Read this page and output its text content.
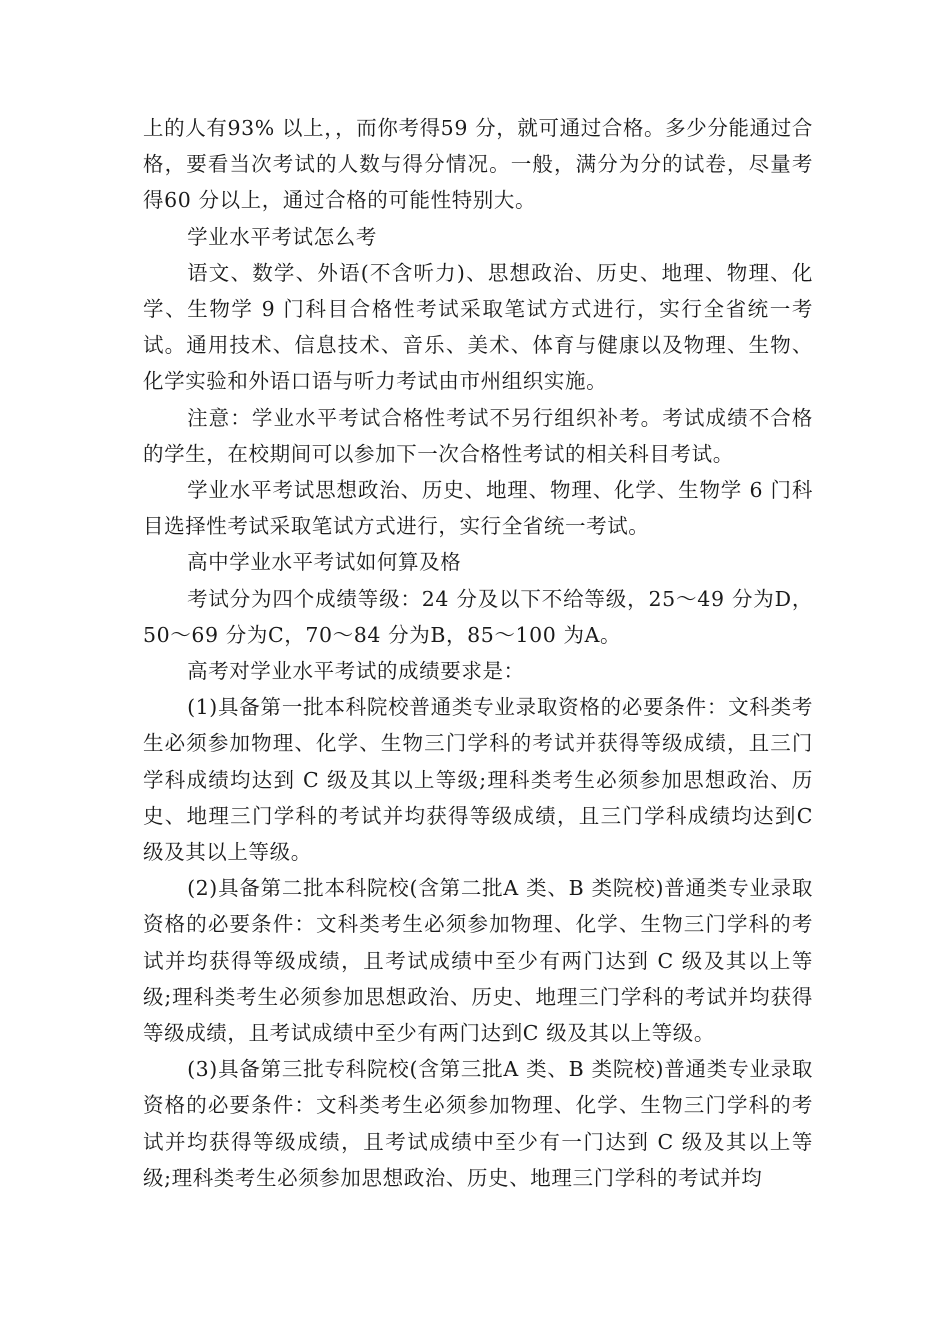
上的人有93% 以上，，而你考得59 分，就可通过合格。多少分能通过合格，要看当次考试的人数与得分情况。一般，满分为分的试卷，尽量考得60 分以上，通过合格的可能性特别大。

学业水平考试怎么考

语文、数学、外语(不含听力)、思想政治、历史、地理、物理、化学、生物学 9 门科目合格性考试采取笔试方式进行，实行全省统一考试。通用技术、信息技术、音乐、美术、体育与健康以及物理、生物、化学实验和外语口语与听力考试由市州组织实施。

注意：学业水平考试合格性考试不另行组织补考。考试成绩不合格的学生，在校期间可以参加下一次合格性考试的相关科目考试。

学业水平考试思想政治、历史、地理、物理、化学、生物学 6 门科目选择性考试采取笔试方式进行，实行全省统一考试。

高中学业水平考试如何算及格

考试分为四个成绩等级：24 分及以下不给等级，25～49 分为D，50～69 分为C，70～84 分为B，85～100 为A。

高考对学业水平考试的成绩要求是：

(1)具备第一批本科院校普通类专业录取资格的必要条件：文科类考生必须参加物理、化学、生物三门学科的考试并获得等级成绩，且三门学科成绩均达到 C 级及其以上等级;理科类考生必须参加思想政治、历史、地理三门学科的考试并均获得等级成绩，且三门学科成绩均达到C 级及其以上等级。

(2)具备第二批本科院校(含第二批A 类、B 类院校)普通类专业录取资格的必要条件：文科类考生必须参加物理、化学、生物三门学科的考试并均获得等级成绩，且考试成绩中至少有两门达到 C 级及其以上等级;理科类考生必须参加思想政治、历史、地理三门学科的考试并均获得等级成绩，且考试成绩中至少有两门达到C 级及其以上等级。

(3)具备第三批专科院校(含第三批A 类、B 类院校)普通类专业录取资格的必要条件：文科类考生必须参加物理、化学、生物三门学科的考试并均获得等级成绩，且考试成绩中至少有一门达到 C 级及其以上等级;理科类考生必须参加思想政治、历史、地理三门学科的考试并均
